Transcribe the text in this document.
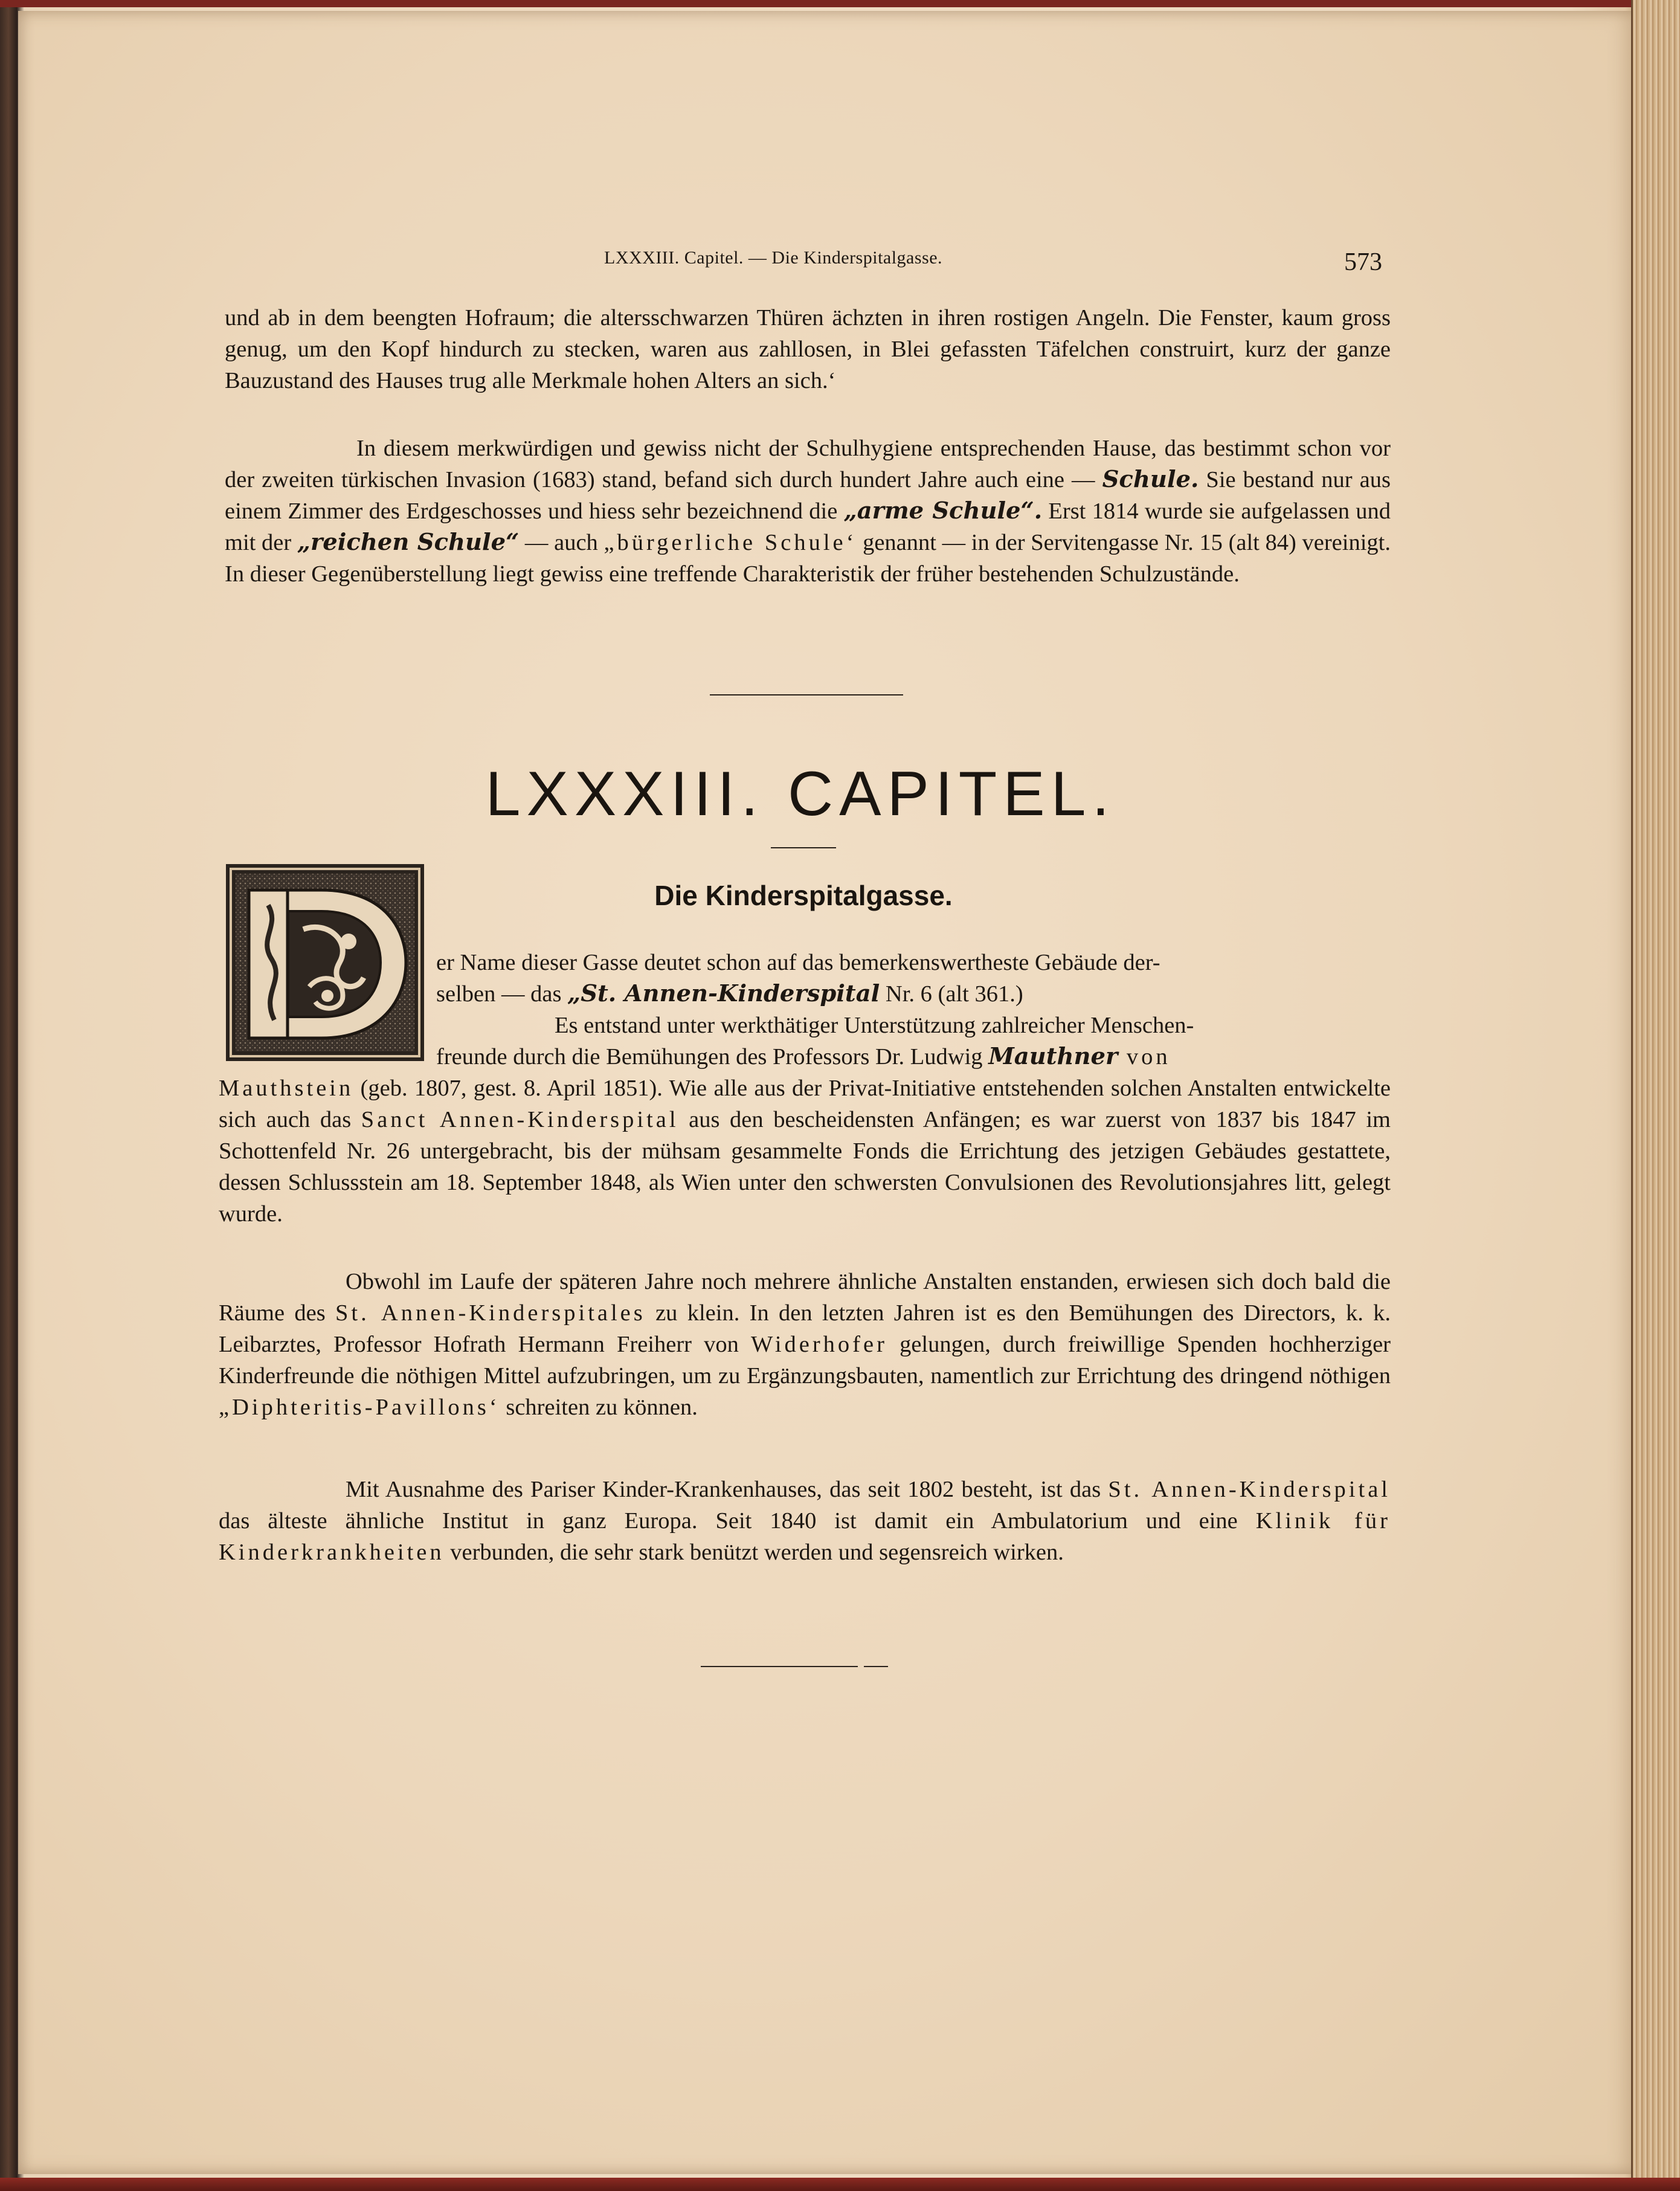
LXXXIII. Capitel. — Die Kinderspitalgasse.	573
und ab in dem beengten Hofraum; die altersschwarzen Thüren ächzten in ihren rostigen Angeln. Die Fenster, kaum gross genug, um den Kopf hindurch zu stecken, waren aus zahllosen, in Blei gefassten Täfelchen construirt, kurz der ganze Bauzustand des Hauses trug alle Merkmale hohen Alters an sich.‘
In diesem merkwürdigen und gewiss nicht der Schulhygiene entsprechenden Hause, das bestimmt schon vor der zweiten türkischen Invasion (1683) stand, befand sich durch hundert Jahre auch eine — Schule. Sie bestand nur aus einem Zimmer des Erdgeschosses und hiess sehr bezeichnend die „arme Schule“. Erst 1814 wurde sie aufgelassen und mit der „reichen Schule“ — auch „bürgerliche Schule‘ genannt — in der Servitengasse Nr. 15 (alt 84) vereinigt. In dieser Gegenüberstellung liegt gewiss eine treffende Charakteristik der früher bestehenden Schulzustände.
LXXXIII. CAPITEL.
Die Kinderspitalgasse.
er Name dieser Gasse deutet schon auf das bemerkenswertheste Gebäude der-
selben — das „St. Annen-Kinderspital Nr. 6 (alt 361.)
Es entstand unter werkthätiger Unterstützung zahlreicher Menschen-
freunde durch die Bemühungen des Professors Dr. Ludwig Mauthner von
Mauthstein (geb. 1807, gest. 8. April 1851). Wie alle aus der Privat-Initiative entstehenden solchen Anstalten entwickelte sich auch das Sanct Annen-Kinderspital aus den bescheidensten Anfängen; es war zuerst von 1837 bis 1847 im Schottenfeld Nr. 26 untergebracht, bis der mühsam gesammelte Fonds die Errichtung des jetzigen Gebäudes gestattete, dessen Schlussstein am 18. September 1848, als Wien unter den schwersten Convulsionen des Revolutionsjahres litt, gelegt wurde.
Obwohl im Laufe der späteren Jahre noch mehrere ähnliche Anstalten enstanden, erwiesen sich doch bald die Räume des St. Annen-Kinderspitales zu klein. In den letzten Jahren ist es den Bemühungen des Directors, k. k. Leibarztes, Professor Hofrath Hermann Freiherr von Widerhofer gelungen, durch freiwillige Spenden hochherziger Kinderfreunde die nöthigen Mittel aufzubringen, um zu Ergänzungsbauten, namentlich zur Errichtung des dringend nöthigen „Diphteritis-Pavillons‘ schreiten zu können.
Mit Ausnahme des Pariser Kinder-Krankenhauses, das seit 1802 besteht, ist das St. Annen-Kinderspital das älteste ähnliche Institut in ganz Europa. Seit 1840 ist damit ein Ambulatorium und eine Klinik für Kinderkrankheiten verbunden, die sehr stark benützt werden und segensreich wirken.
